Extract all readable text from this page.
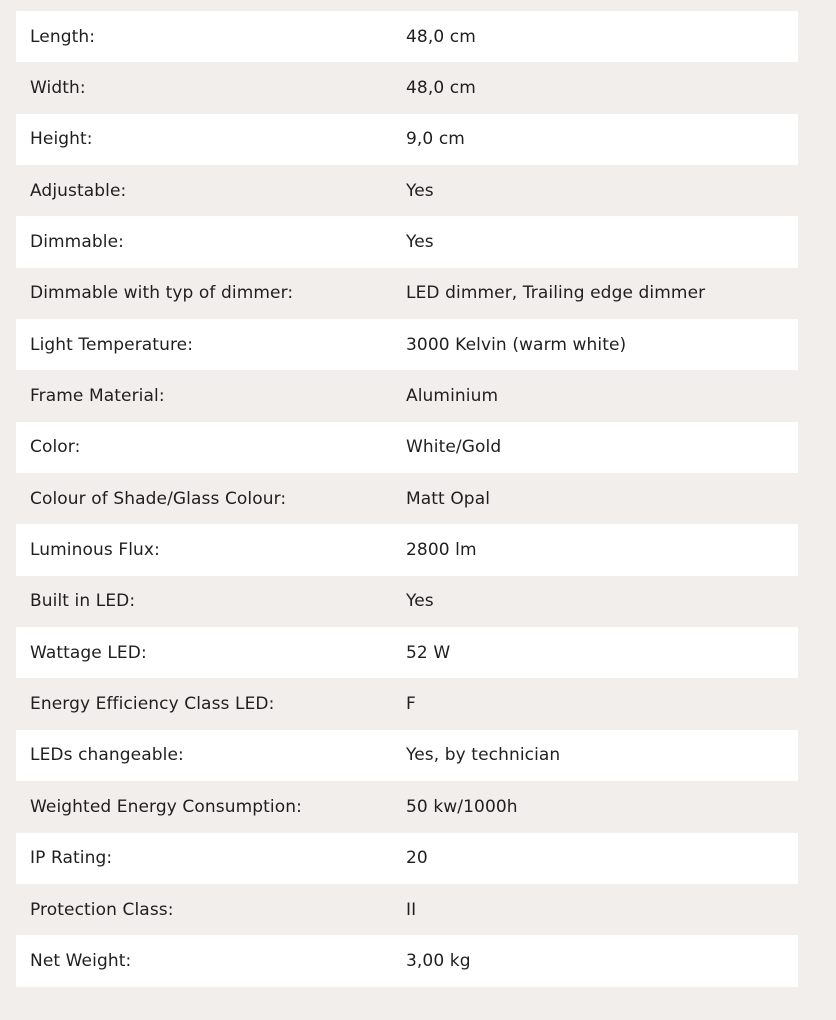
Length:	48,0 cm
Width:	48,0 cm
Height:	9,0 cm
Adjustable:	Yes
Dimmable:	Yes
Dimmable with typ of dimmer:	LED dimmer, Trailing edge dimmer
Light Temperature:	3000 Kelvin (warm white)
Frame Material:	Aluminium
Color:	White/Gold
Colour of Shade/Glass Colour:	Matt Opal
Luminous Flux:	2800 lm
Built in LED:	Yes
Wattage LED:	52 W
Energy Efficiency Class LED:	F
LEDs changeable:	Yes, by technician
Weighted Energy Consumption:	50 kw/1000h
IP Rating:	20
Protection Class:	II
Net Weight:	3,00 kg
